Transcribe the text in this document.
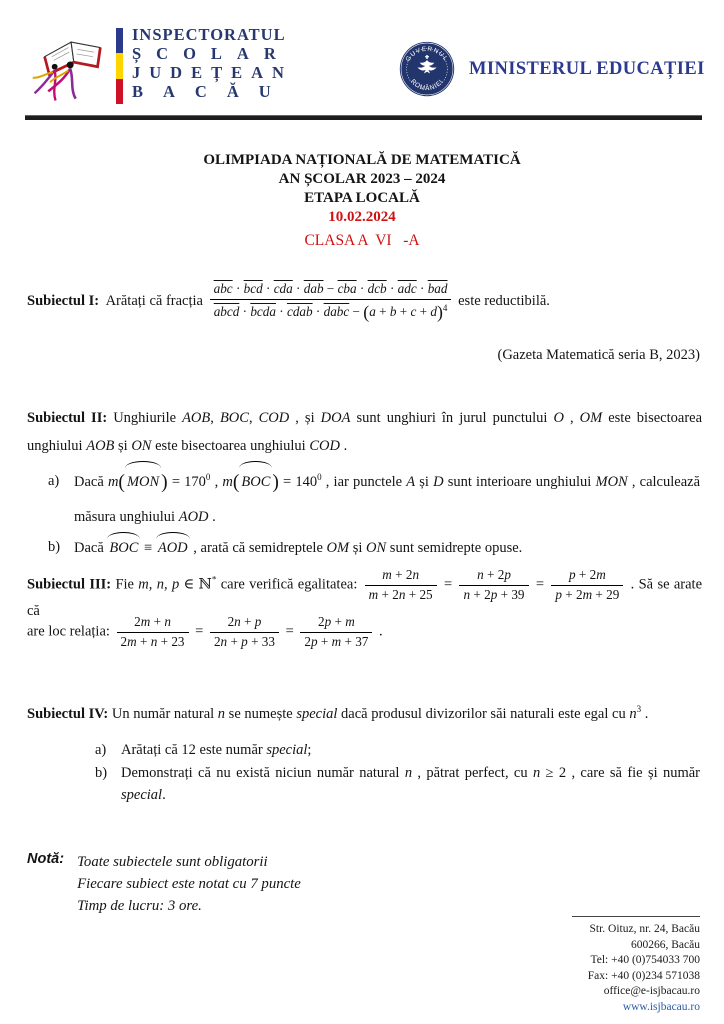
INSPECTORATUL
ȘCOLAR
JUDEȚEAN
BACĂU
GUVERNUL
ROMÂNIEI
MINISTERUL EDUCAȚIEI
OLIMPIADA NAȚIONALĂ DE MATEMATICĂ
AN ȘCOLAR 2023 – 2024
ETAPA LOCALĂ
10.02.2024
CLASA A  VI   -A
Subiectul I:  Arătați că fracția $\frac{\overline{abc} \cdot \overline{bcd} \cdot \overline{cda} \cdot \overline{dab} - \overline{cba} \cdot \overline{dcb} \cdot \overline{adc} \cdot \overline{bad}}{abcd \cdot bcda \cdot cdab \cdot dabc - (a + b + c + d)^4}$ este reductibilă.
(Gazeta Matematică seria B, 2023)
Subiectul II: Unghiurile AOB, BOC, COD , și DOA sunt unghiuri în jurul punctului O , OM este bisectoarea unghiului AOB și ON este bisectoarea unghiului COD .
a)	Dacă m( MON ) = $170^0$ , m( BOC ) = $140^0$ , iar punctele A și D sunt interioare unghiului MON , calculează măsura unghiului AOD .
b) Dacă BOC ≡ AOD , arată că semidreptele OM și ON sunt semidrepte opuse.
Subiectul III: Fie m, n, p ∈ ℕ* care verifică egalitatea: $\frac{m + 2n}{m + 2n + 25} = \frac{n + 2p}{n + 2p + 39} = \frac{p + 2m}{p + 2m + 29}$ . Să se arate că
are loc relația: $\frac{2m + n}{2m + n + 23} = \frac{2n + p}{2n + p + 33} = \frac{2p + m}{2p + m + 37}$ .
Subiectul IV: Un număr natural n se numește special dacă produsul divizorilor săi naturali este egal cu $n^3$ .
a)	Arătați că 12 este număr special;
b) Demonstrați că nu există niciun număr natural n , pătrat perfect, cu n ≥ 2 , care să fie și număr special.
Notă: Toate subiectele sunt obligatorii
Fiecare subiect este notat cu 7 puncte
Timp de lucru: 3 ore.
Str. Oituz, nr. 24, Bacău
600266, Bacău
Tel: +40 (0)754033 700
Fax: +40 (0)234 571038
office@e-isjbacau.ro
www.isjbacau.ro
